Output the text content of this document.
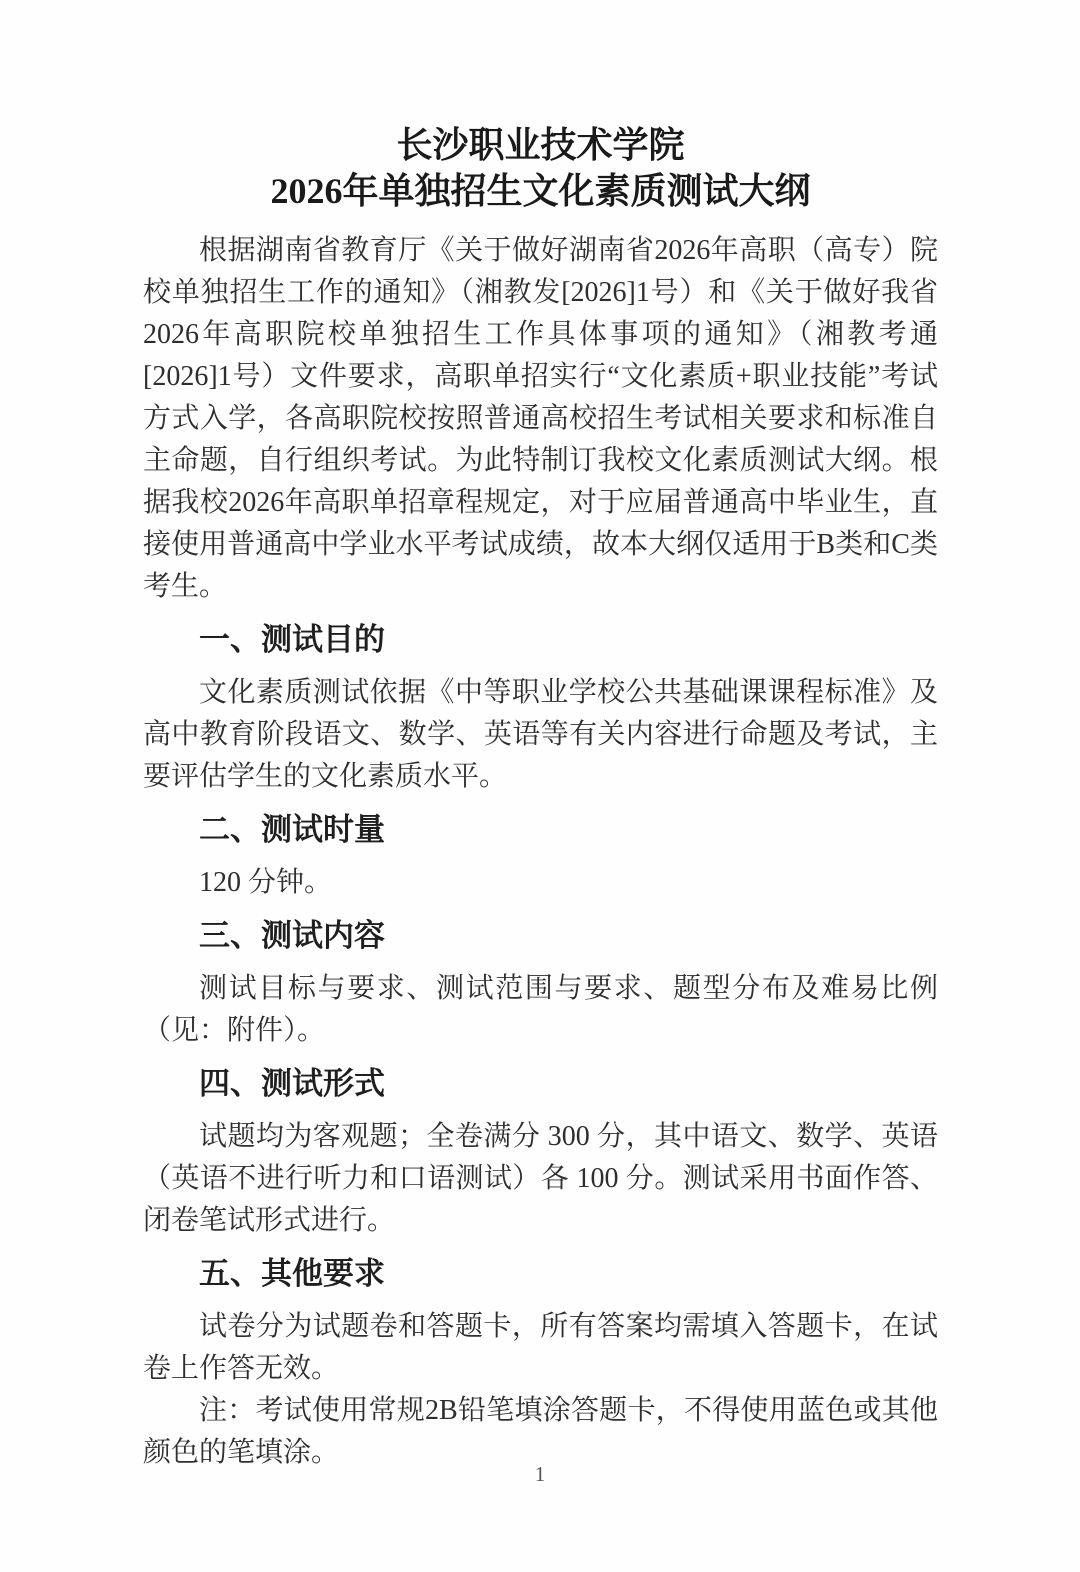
长沙职业技术学院
2026年单独招生文化素质测试大纲

根据湖南省教育厅《关于做好湖南省2026年高职（高专）院校单独招生工作的通知》（湘教发[2026]1号）和《关于做好我省2026年高职院校单独招生工作具体事项的通知》（湘教考通[2026]1号）文件要求，高职单招实行“文化素质+职业技能”考试方式入学，各高职院校按照普通高校招生考试相关要求和标准自主命题，自行组织考试。为此特制订我校文化素质测试大纲。根据我校2026年高职单招章程规定，对于应届普通高中毕业生，直接使用普通高中学业水平考试成绩，故本大纲仅适用于B类和C类考生。

一、测试目的

文化素质测试依据《中等职业学校公共基础课课程标准》及高中教育阶段语文、数学、英语等有关内容进行命题及考试，主要评估学生的文化素质水平。

二、测试时量

120 分钟。

三、测试内容

测试目标与要求、测试范围与要求、题型分布及难易比例（见：附件）。

四、测试形式

试题均为客观题；全卷满分 300 分，其中语文、数学、英语（英语不进行听力和口语测试）各 100 分。测试采用书面作答、闭卷笔试形式进行。

五、其他要求

试卷分为试题卷和答题卡，所有答案均需填入答题卡，在试卷上作答无效。

注：考试使用常规2B铅笔填涂答题卡，不得使用蓝色或其他颜色的笔填涂。

1
